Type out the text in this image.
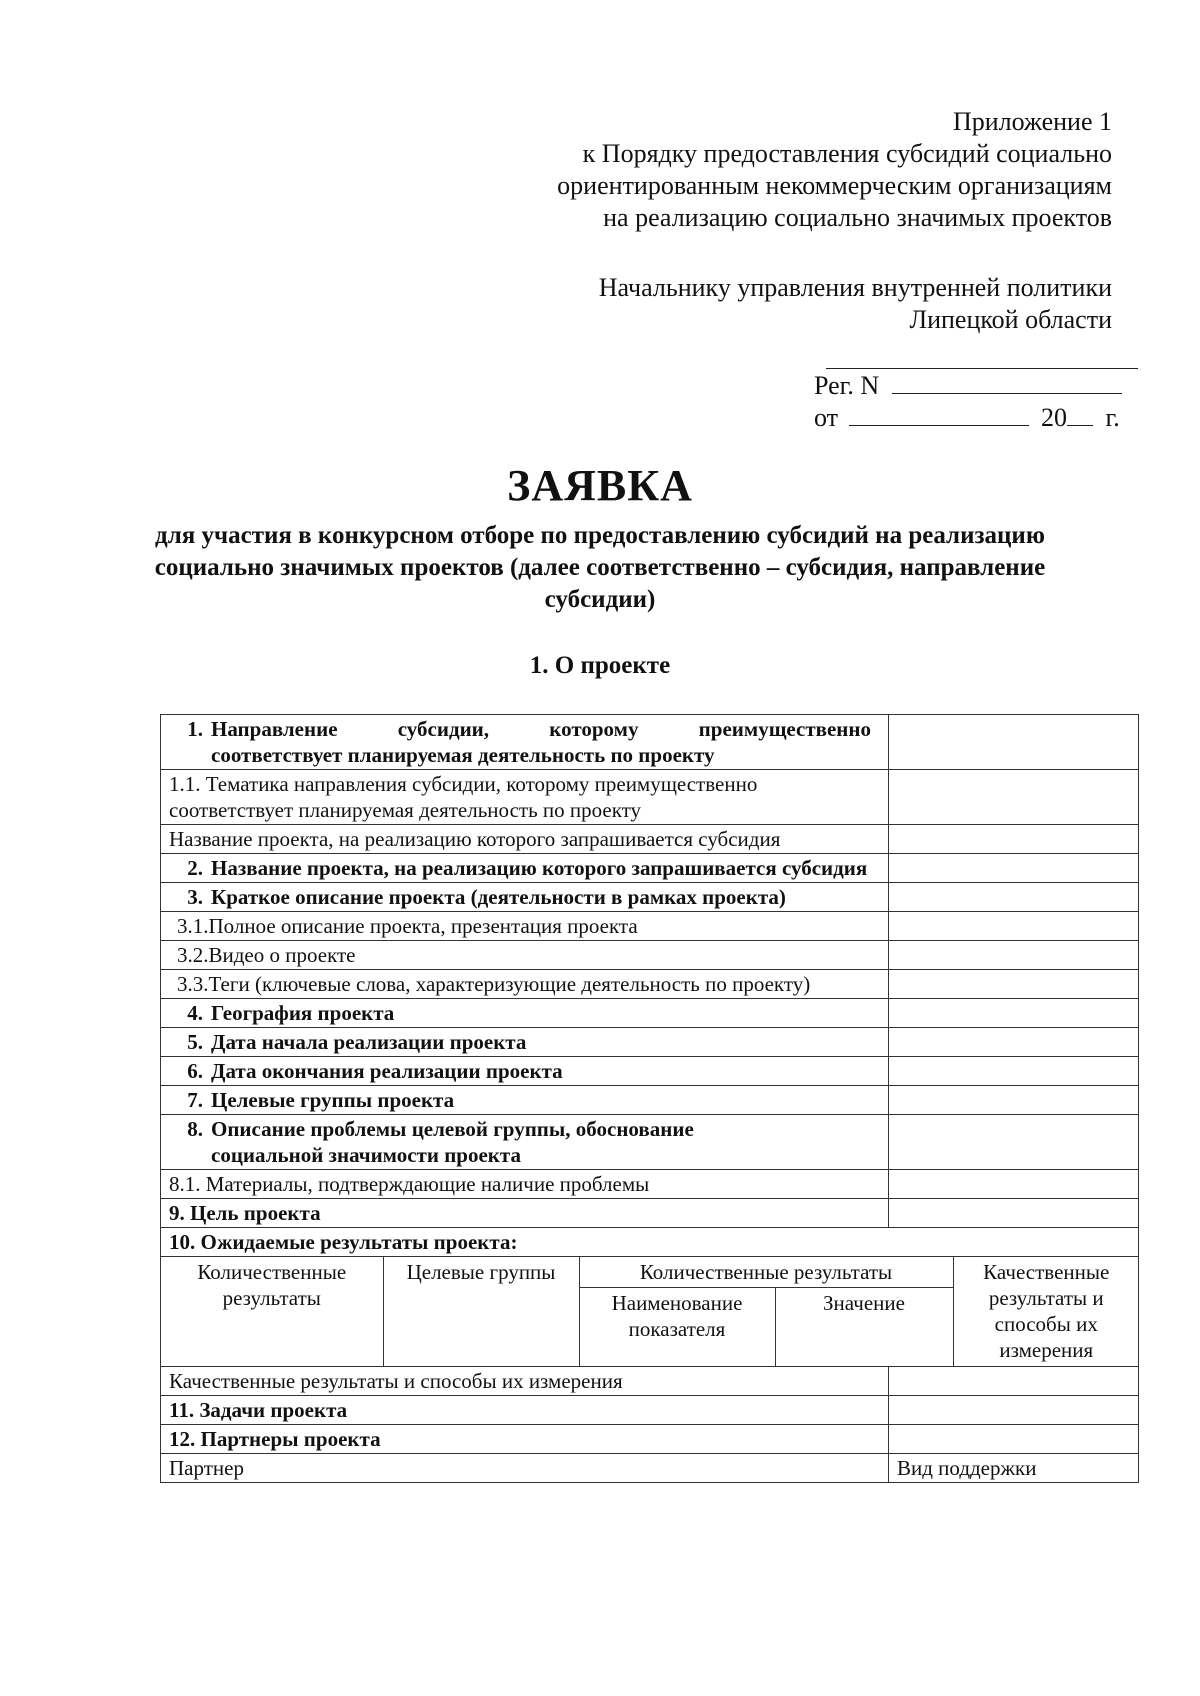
Приложение 1
к Порядку предоставления субсидий социально
ориентированным некоммерческим организациям
на реализацию социально значимых проектов
Начальнику управления внутренней политики
Липецкой области
Рег. N
от	20 г.
ЗАЯВКА
для участия в конкурсном отборе по предоставлению субсидий на реализацию социально значимых проектов (далее соответственно – субсидия, направление субсидии)
1. О проекте
1. Направление субсидии, которому преимущественно
соответствует планируемая деятельность по проекту	
1.1. Тематика направления субсидии, которому преимущественно соответствует планируемая деятельность по проекту	
Название проекта, на реализацию которого запрашивается субсидия	
2. Название проекта, на реализацию которого запрашивается субсидия	
3. Краткое описание проекта (деятельности в рамках проекта)	
3.1.Полное описание проекта, презентация проекта	
3.2.Видео о проекте	
3.3.Теги (ключевые слова, характеризующие деятельность по проекту)	
4. География проекта	
5. Дата начала реализации проекта	
6. Дата окончания реализации проекта	
7. Целевые группы проекта	
8. Описание проблемы целевой группы, обоснование социальной значимости проекта	
8.1. Материалы, подтверждающие наличие проблемы	
9. Цель проекта	
10. Ожидаемые результаты проекта:

Количественные результаты	Целевые группы	Количественные результаты	Качественные результаты и способы их измерения
Наименование показателя	Значение

Качественные результаты и способы их измерения	
11. Задачи проекта	
12. Партнеры проекта	
Партнер	Вид поддержки
